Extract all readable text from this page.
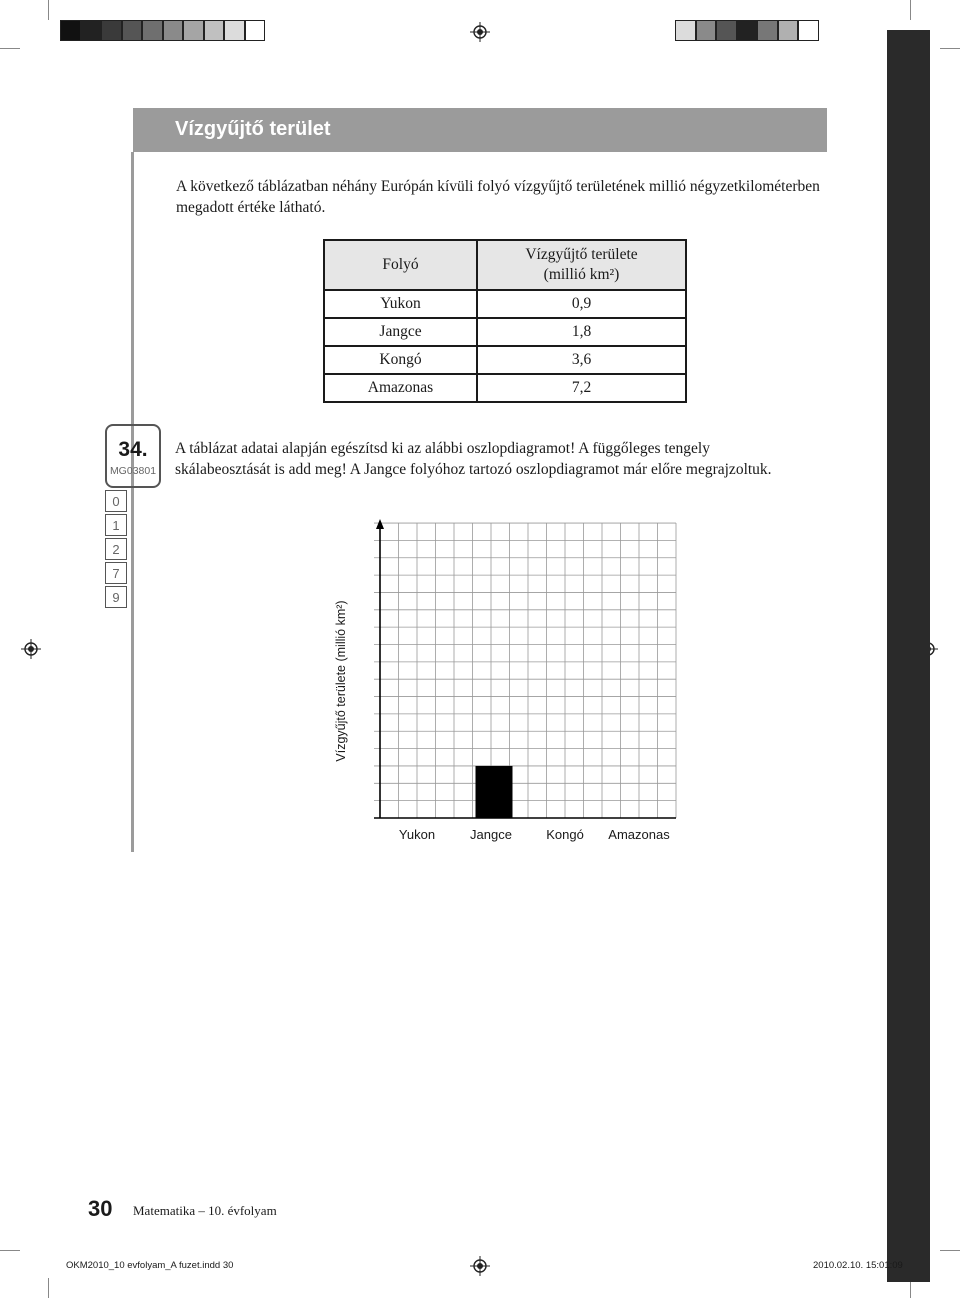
Vízgyűjtő terület
A következő táblázatban néhány Európán kívüli folyó vízgyűjtő területének millió négyzetkilométerben megadott értéke látható.
Folyó	Vízgyűjtő területe
(millió km²)

Yukon	0,9
Jangce	1,8
Kongó	3,6
Amazonas	7,2
34.
MG03801
0
1
2
7
9
A táblázat adatai alapján egészítsd ki az alábbi oszlopdiagramot! A függőleges tengely skálabeosztását is add meg! A Jangce folyóhoz tartozó oszlopdiagramot már előre megrajzoltuk.
Yukon	Jangce	Kongó Amazonas
Vízgyűjtő területe (millió km²)
30 Matematika – 10. évfolyam
OKM2010_10 evfolyam_A fuzet.indd 30	2010.02.10. 15:01:09
